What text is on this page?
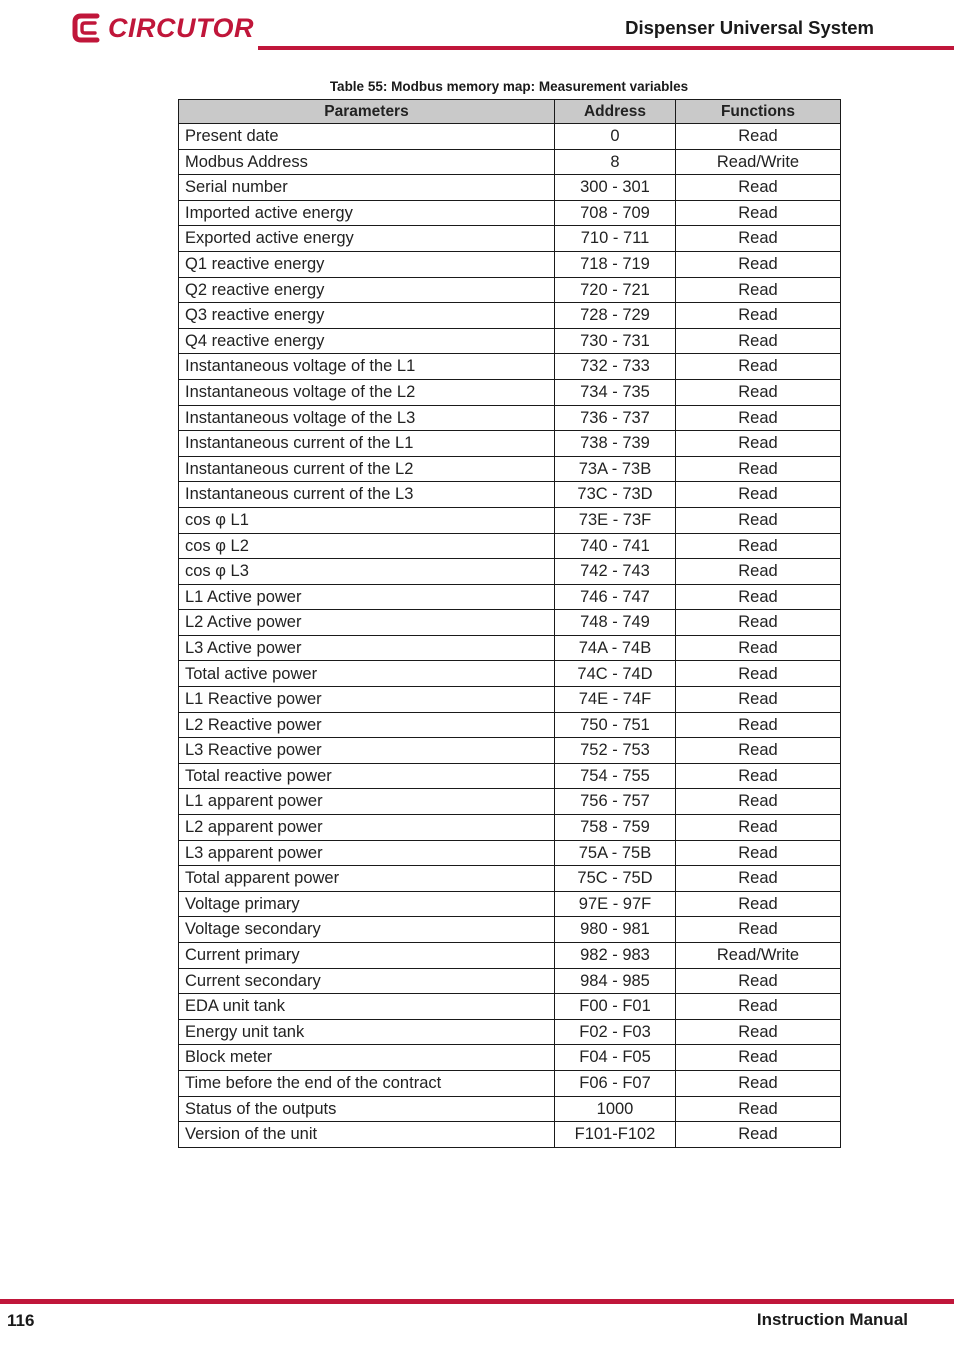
CIRCUTOR	Dispenser Universal System
Table 55: Modbus memory map: Measurement variables
Parameters	Address	Functions
Present date	0	Read
Modbus Address	8	Read/Write
Serial number	300 - 301	Read
Imported active energy	708 - 709	Read
Exported active energy	710 - 711	Read
Q1 reactive energy	718 - 719	Read
Q2 reactive energy	720 - 721	Read
Q3 reactive energy	728 - 729	Read
Q4 reactive energy	730 - 731	Read
Instantaneous voltage of the L1	732 - 733	Read
Instantaneous voltage of the L2	734 - 735	Read
Instantaneous voltage of the L3	736 - 737	Read
Instantaneous current of the L1	738 - 739	Read
Instantaneous current of the L2	73A - 73B	Read
Instantaneous current of the L3	73C - 73D	Read
cos φ L1	73E - 73F	Read
cos φ L2	740 - 741	Read
cos φ L3	742 - 743	Read
L1 Active power	746 - 747	Read
L2 Active power	748 - 749	Read
L3 Active power	74A - 74B	Read
Total active power	74C - 74D	Read
L1 Reactive power	74E - 74F	Read
L2 Reactive power	750 - 751	Read
L3 Reactive power	752 - 753	Read
Total reactive power	754 - 755	Read
L1 apparent power	756 - 757	Read
L2 apparent power	758 - 759	Read
L3 apparent power	75A - 75B	Read
Total apparent power	75C - 75D	Read
Voltage primary	97E - 97F	Read
Voltage secondary	980 - 981	Read
Current primary	982 - 983	Read/Write
Current secondary	984 - 985	Read
EDA unit tank	F00 - F01	Read
Energy unit tank	F02 - F03	Read
Block meter	F04 - F05	Read
Time before the end of the contract	F06 - F07	Read
Status of the outputs	1000	Read
Version of the unit	F101-F102	Read
116	Instruction Manual
